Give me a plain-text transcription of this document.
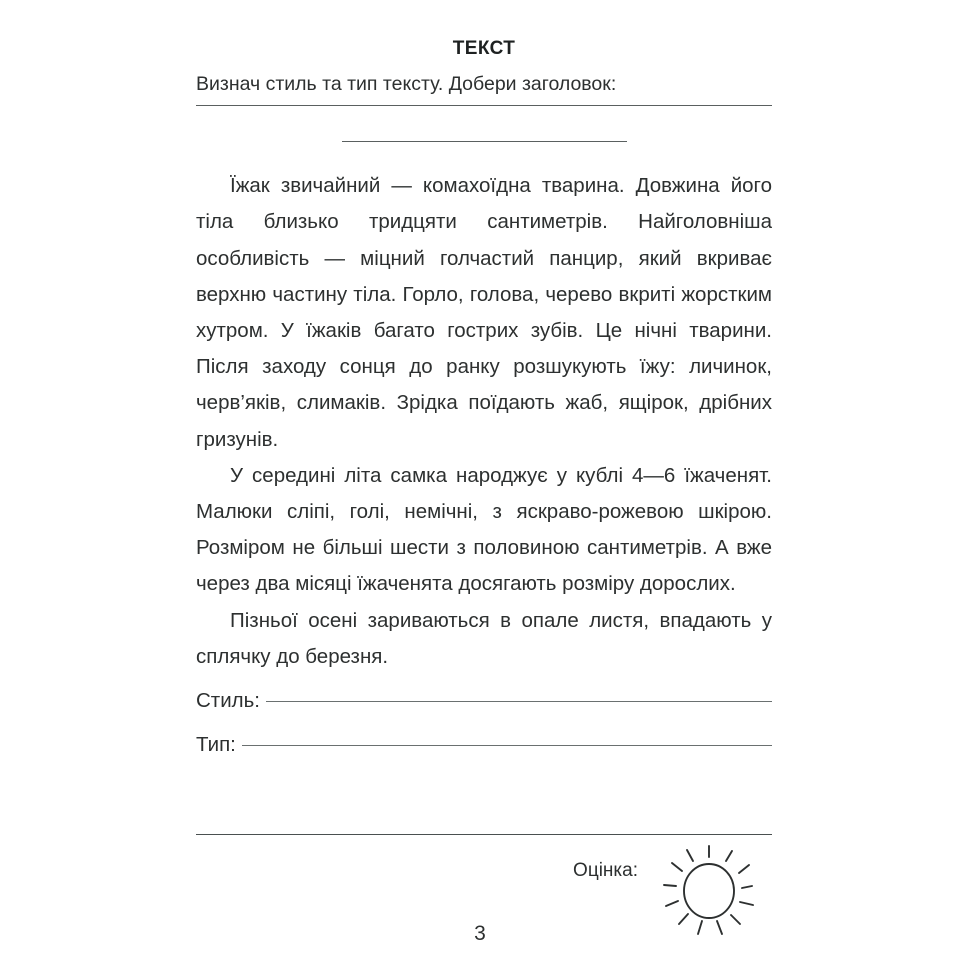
ТЕКСТ

Визнач стиль та тип тексту. Добери заголовок:

Їжак звичайний — комахоїдна тварина. Довжина його тіла близько тридцяти сантиметрів. Найголовніша особливість — міцний голчастий панцир, який вкриває верхню частину тіла. Горло, голова, черево вкриті жорстким хутром. У їжаків багато гострих зубів. Це нічні тварини. Після заходу сонця до ранку розшукують їжу: личинок, черв’яків, слимаків. Зрідка поїдають жаб, ящірок, дрібних гризунів.

У середині літа самка народжує у кублі 4—6 їжаченят. Малюки сліпі, голі, немічні, з яскраво-рожевою шкірою. Розміром не більші шести з половиною сантиметрів. А вже через два місяці їжаченята досягають розміру дорослих.

Пізньої осені зариваються в опале листя, впадають у сплячку до березня.

Стиль:
Тип:
Оцінка:
3
